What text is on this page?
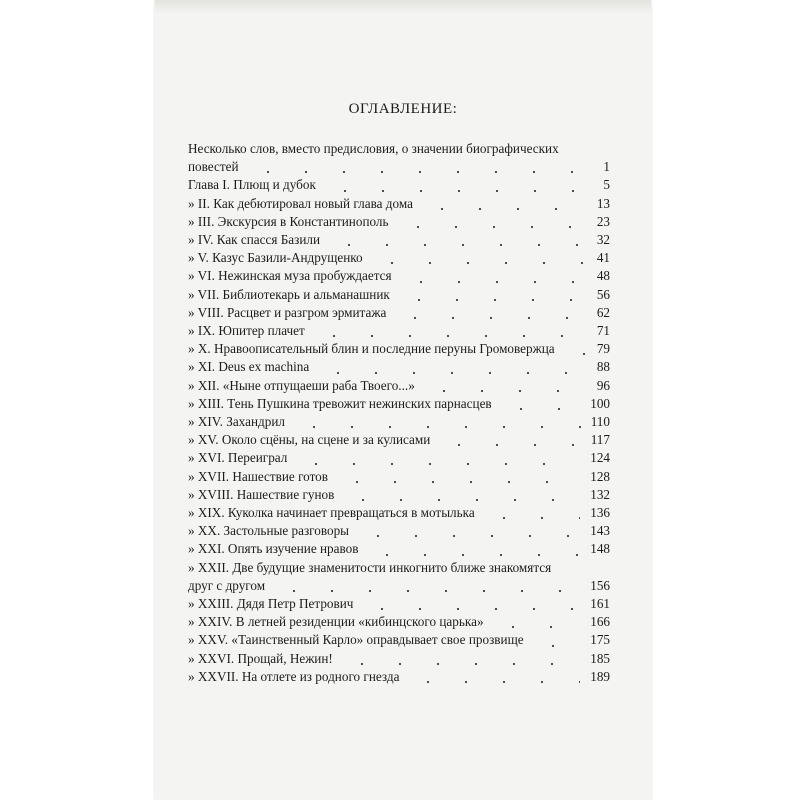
ОГЛАВЛЕНИЕ:
Несколько слов, вместо предисловия, о значении биографических
повестей	1
Глава I. Плющ и дубок	5
» II. Как дебютировал новый глава дома	13
» III. Экскурсия в Константинополь	23
» IV. Как спасся Базили	32
» V. Казус Базили-Андрущенко	41
» VI. Нежинская муза пробуждается	48
» VII. Библиотекарь и альманашник	56
» VIII. Расцвет и разгром эрмитажа	62
» IX. Юпитер плачет	71
» X. Нравоописательный блин и последние перуны Громовержца	79
» XI. Deus ex machina	88
» XII. «Ныне отпущаеши раба Твоего...»	96
» XIII. Тень Пушкина тревожит нежинских парнасцев	100
» XIV. Захандрил	110
» XV. Около сцёны, на сцене и за кулисами	117
» XVI. Переиграл	124
» XVII. Нашествие готов	128
» XVIII. Нашествие гунов	132
» XIX. Куколка начинает превращаться в мотылька	136
» XX. Застольные разговоры	143
» XXI. Опять изучение нравов	148
» XXII. Две будущие знаменитости инкогнито ближе знакомятся
друг с другом	156
» XXIII. Дядя Петр Петрович	161
» XXIV. В летней резиденции «кибинцского царька»	166
» XXV. «Таинственный Карло» оправдывает свое прозвище	175
» XXVI. Прощай, Нежин!	185
» XXVII. На отлете из родного гнезда	189
